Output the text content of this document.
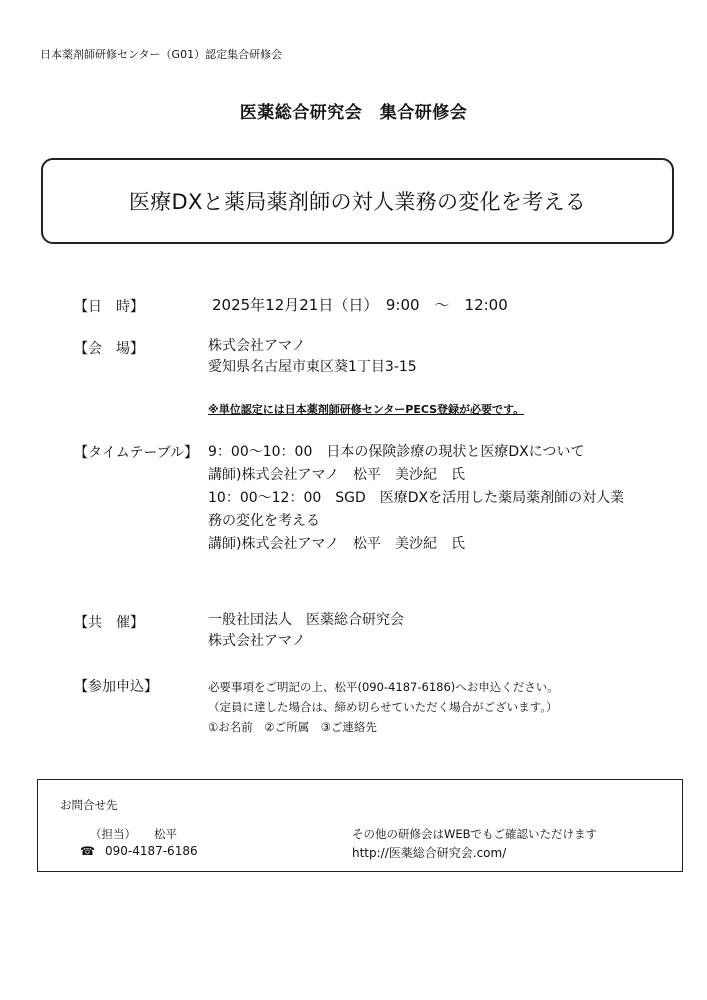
日本薬剤師研修センター（G01）認定集合研修会
医薬総合研究会　集合研修会
医療DXと薬局薬剤師の対人業務の変化を考える
【日　時】	2025年12月21日（日）　9:00　～　12:00
【会　場】	株式会社アマノ
愛知県名古屋市東区葵1丁目3-15
※単位認定には日本薬剤師研修センターPECS登録が必要です。
【タイムテーブル】 9：00～10：00　日本の保険診療の現状と医療DXについて
講師)株式会社アマノ　松平　美沙紀　氏
10：00～12：00　SGD　医療DXを活用した薬局薬剤師の対人業
務の変化を考える
講師)株式会社アマノ　松平　美沙紀　氏
【共　催】	一般社団法人　医薬総合研究会
株式会社アマノ
【参加申込】	必要事項をご明記の上、松平(090-4187-6186)へお申込ください。
（定員に達した場合は、締め切らせていただく場合がございます。）
①お名前　②ご所属　③ご連絡先
お問合せ先
（担当） 松平
☎ 090-4187-6186
その他の研修会はWEBでもご確認いただけます
http://医薬総合研究会.com/
